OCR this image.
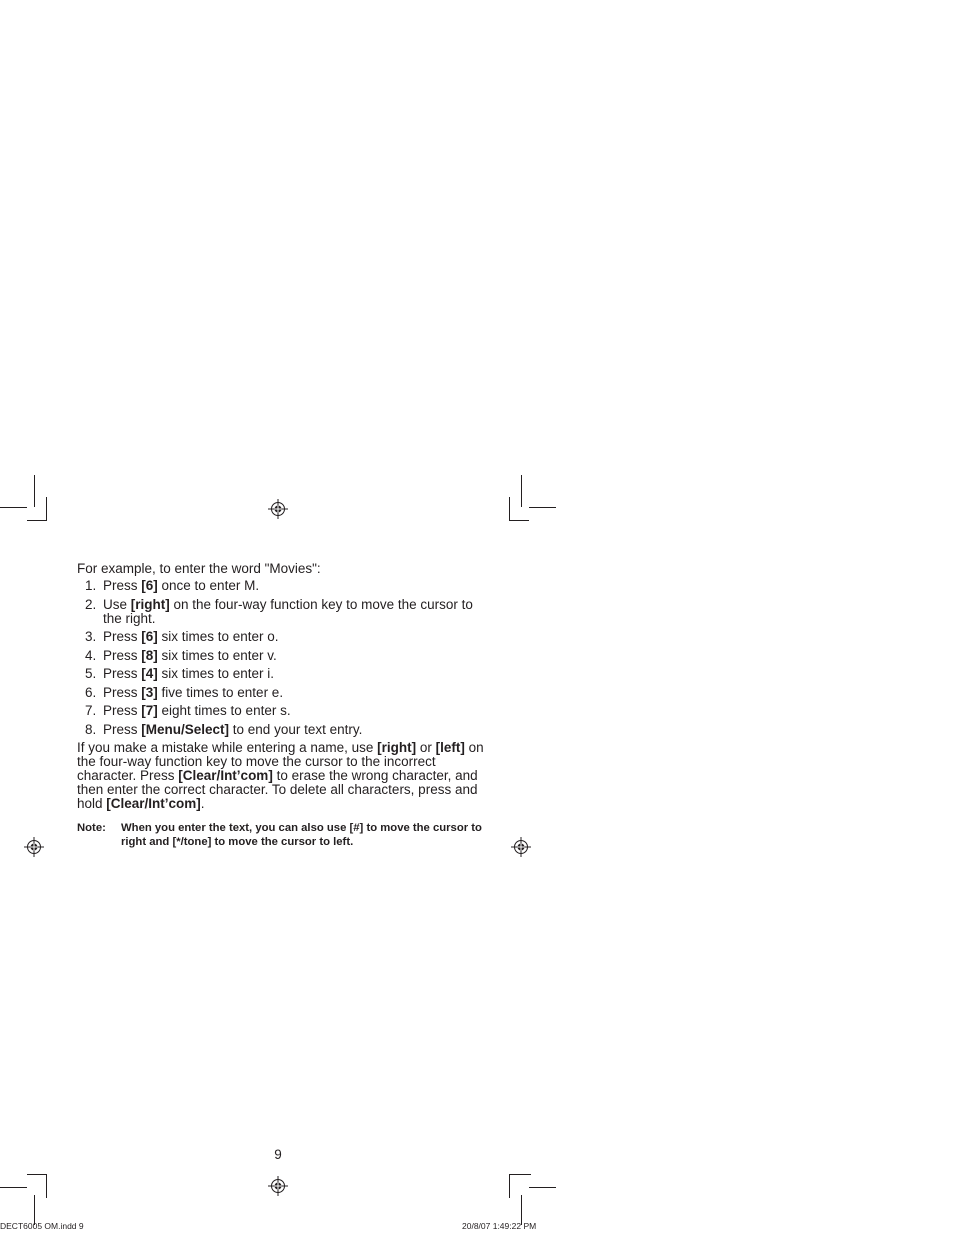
For example, to enter the word "Movies":
1. Press [6] once to enter M.
2. Use [right] on the four-way function key to move the cursor to the right.
3. Press [6] six times to enter o.
4. Press [8] six times to enter v.
5. Press [4] six times to enter i.
6. Press [3] five times to enter e.
7. Press [7] eight times to enter s.
8. Press [Menu/Select] to end your text entry.
If you make a mistake while entering a name, use [right] or [left] on the four-way function key to move the cursor to the incorrect character. Press [Clear/Int’com] to erase the wrong character, and then enter the correct character. To delete all characters, press and hold [Clear/Int’com].
Note: When you enter the text, you can also use [#] to move the cursor to right and [*/tone] to move the cursor to left.
9
DECT6005 OM.indd 9	20/8/07 1:49:22 PM
